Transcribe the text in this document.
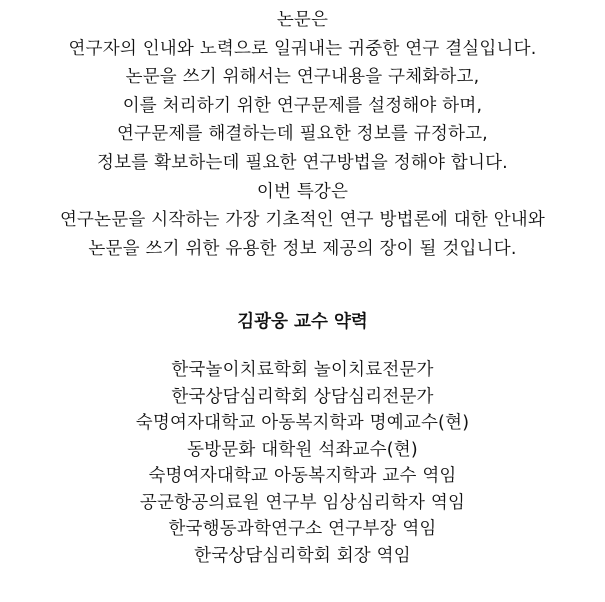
논문은

연구자의 인내와 노력으로 일궈내는 귀중한 연구 결실입니다.

논문을 쓰기 위해서는 연구내용을 구체화하고,

이를 처리하기 위한 연구문제를 설정해야 하며,

연구문제를 해결하는데 필요한 정보를 규정하고,

정보를 확보하는데 필요한 연구방법을 정해야 합니다.

이번 특강은

연구논문을 시작하는 가장 기초적인 연구 방법론에 대한 안내와

논문을 쓰기 위한 유용한 정보 제공의 장이 될 것입니다.

김광웅 교수 약력

한국놀이치료학회 놀이치료전문가

한국상담심리학회 상담심리전문가

숙명여자대학교 아동복지학과 명예교수(현)

동방문화 대학원 석좌교수(현)

숙명여자대학교 아동복지학과 교수 역임

공군항공의료원 연구부 임상심리학자 역임

한국행동과학연구소 연구부장 역임

한국상담심리학회 회장 역임
